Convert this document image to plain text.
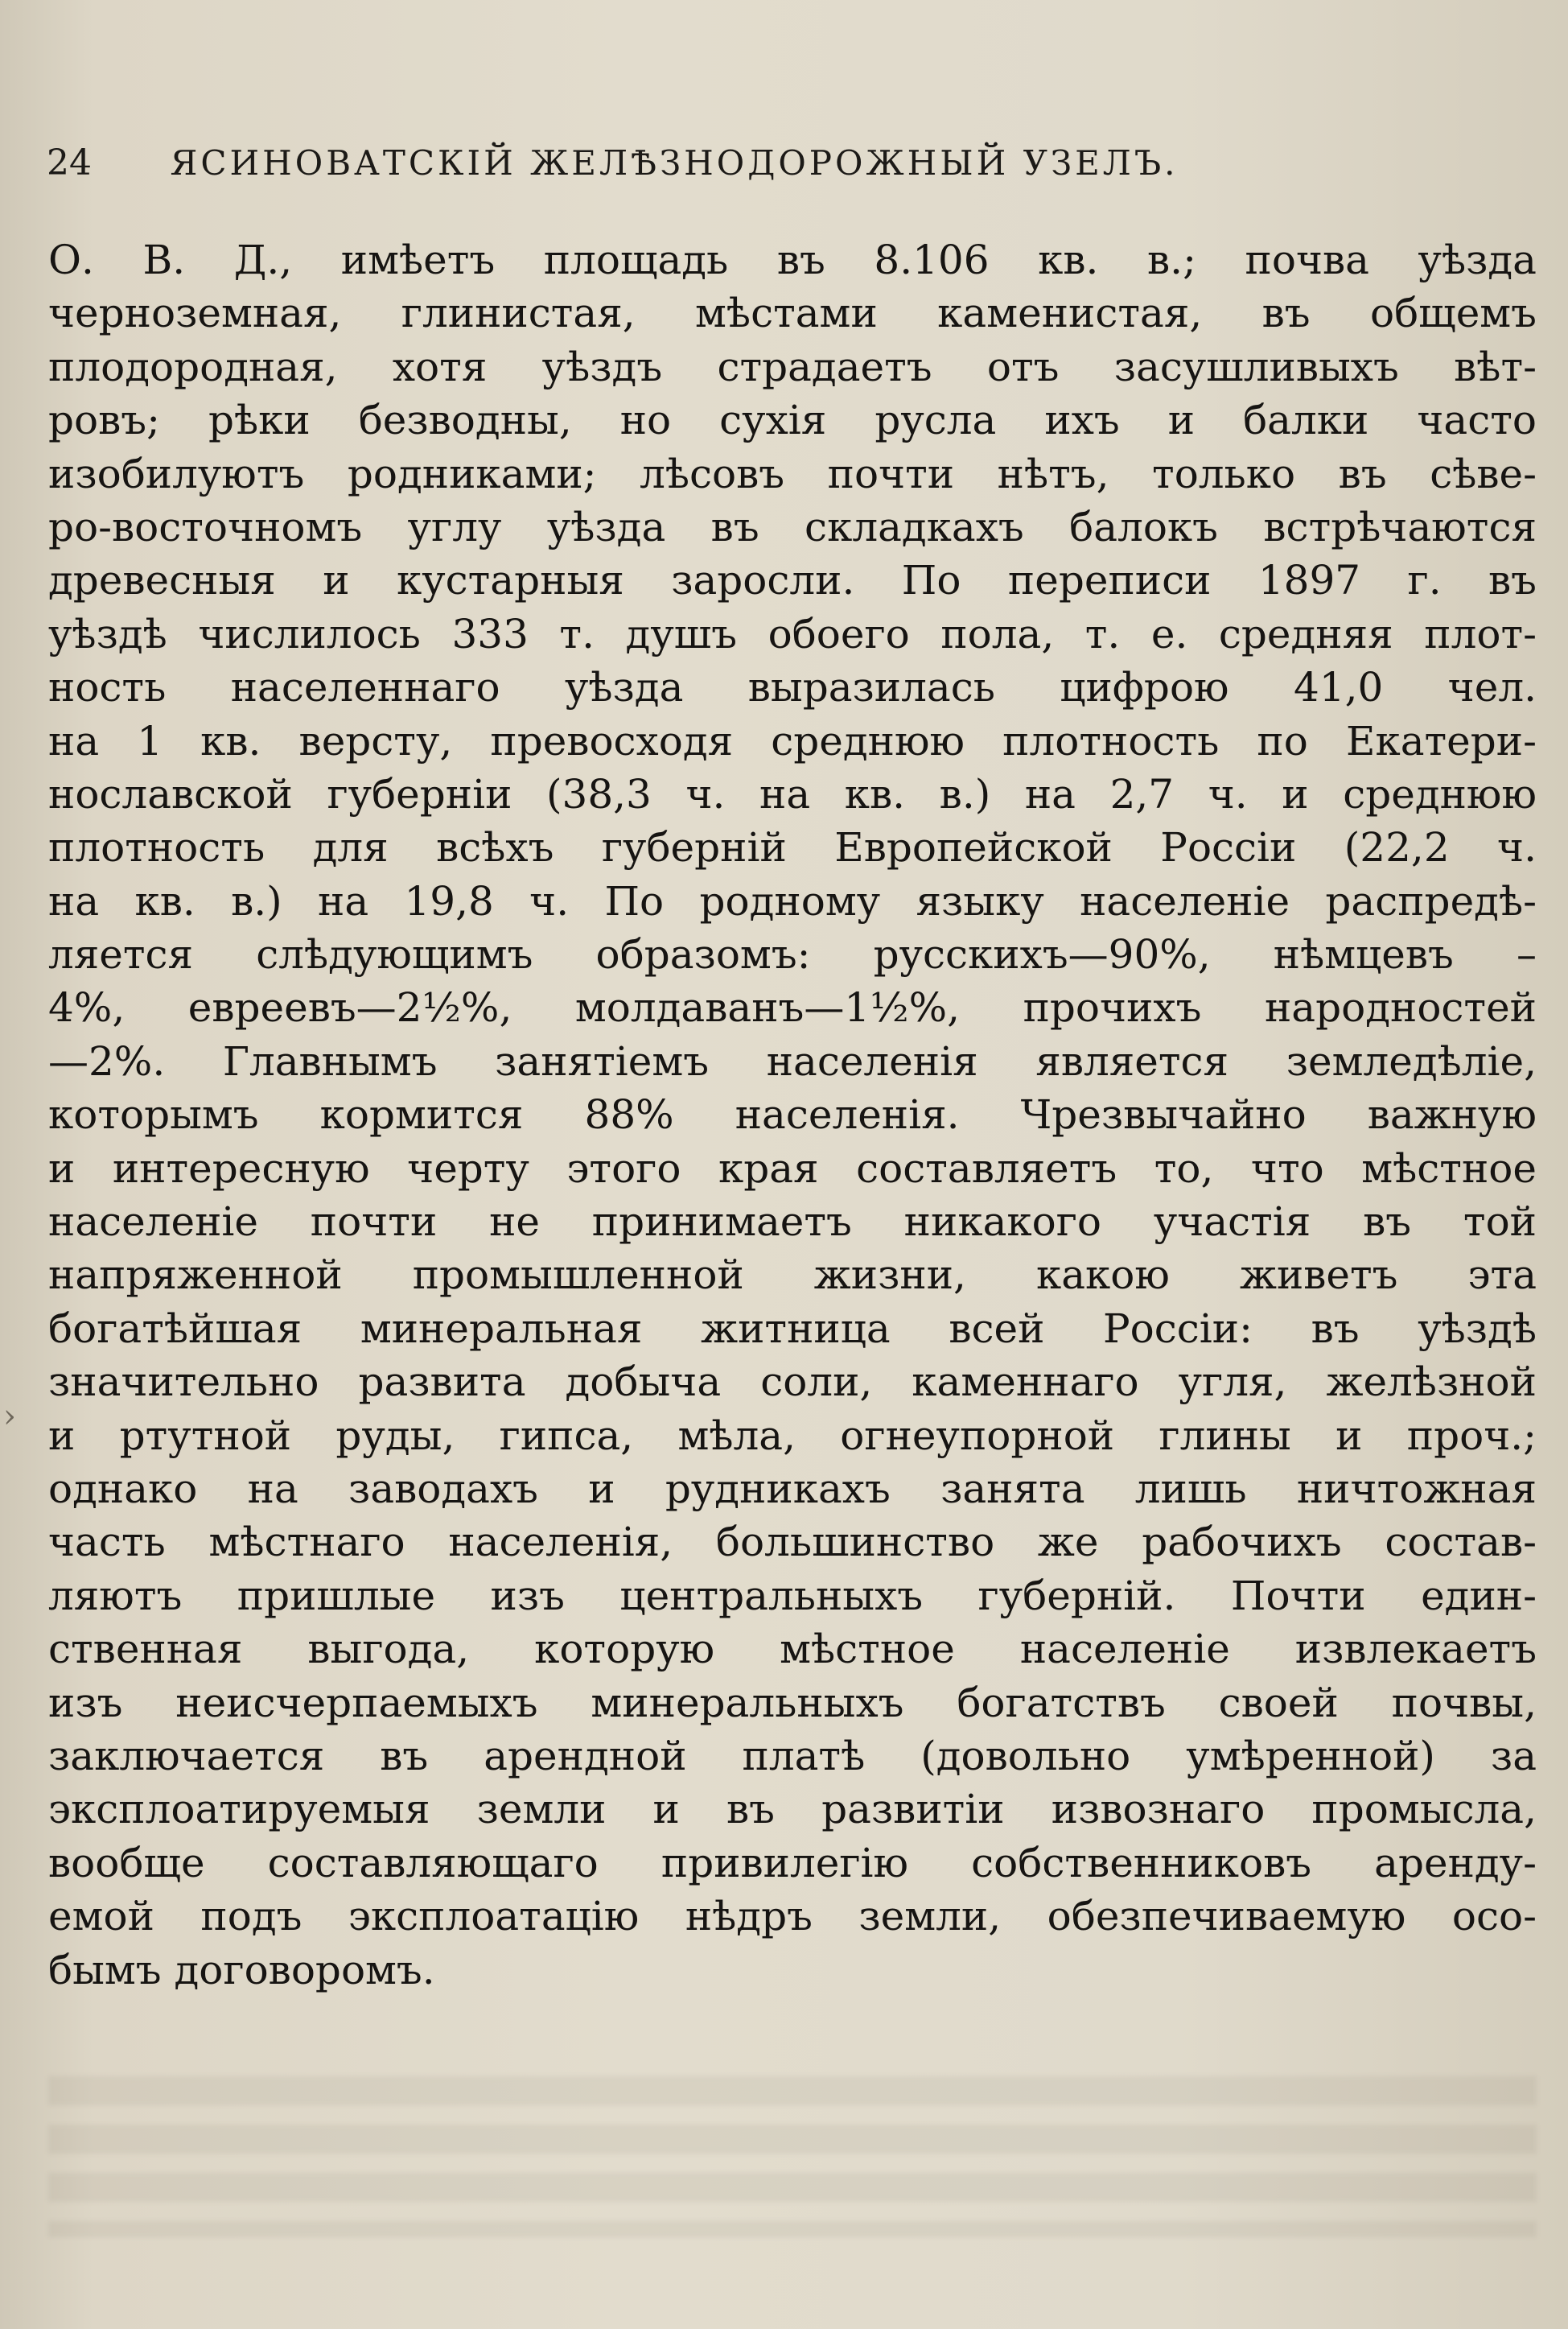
24	ЯСИНОВАТСКІЙ ЖЕЛѢЗНОДОРОЖНЫЙ УЗЕЛЪ.
О. В. Д., имѣетъ площадь въ 8.106 кв. в.; почва уѣзда
черноземная, глинистая, мѣстами каменистая, въ общемъ
плодородная, хотя уѣздъ страдаетъ отъ засушливыхъ вѣт-
ровъ; рѣки безводны, но сухія русла ихъ и балки часто
изобилуютъ родниками; лѣсовъ почти нѣтъ, только въ сѣве-
ро-восточномъ углу уѣзда въ складкахъ балокъ встрѣчаются
древесныя и кустарныя заросли. По переписи 1897 г. въ
уѣздѣ числилось 333 т. душъ обоего пола, т. е. средняя плот-
ность населеннаго уѣзда выразилась цифрою 41,0 чел.
на 1 кв. версту, превосходя среднюю плотность по Екатери-
нославской губерніи (38,3 ч. на кв. в.) на 2,7 ч. и среднюю
плотность для всѣхъ губерній Европейской Россіи (22,2 ч.
на кв. в.) на 19,8 ч. По родному языку населеніе распредѣ-
ляется слѣдующимъ образомъ: русскихъ—90%, нѣмцевъ –
4%, евреевъ—2½%, молдаванъ—1½%, прочихъ народностей
—2%. Главнымъ занятіемъ населенія является земледѣліе,
которымъ кормится 88% населенія. Чрезвычайно важную
и интересную черту этого края составляетъ то, что мѣстное
населеніе почти не принимаетъ никакого участія въ той
напряженной промышленной жизни, какою живетъ эта
богатѣйшая минеральная житница всей Россіи: въ уѣздѣ
значительно развита добыча соли, каменнаго угля, желѣзной
и ртутной руды, гипса, мѣла, огнеупорной глины и проч.;
однако на заводахъ и рудникахъ занята лишь ничтожная
часть мѣстнаго населенія, большинство же рабочихъ состав-
ляютъ пришлые изъ центральныхъ губерній. Почти един-
ственная выгода, которую мѣстное населеніе извлекаетъ
изъ неисчерпаемыхъ минеральныхъ богатствъ своей почвы,
заключается въ арендной платѣ (довольно умѣренной) за
эксплоатируемыя земли и въ развитіи извознаго промысла,
вообще составляющаго привилегію собственниковъ аренду-
емой подъ эксплоатацію нѣдръ земли, обезпечиваемую осо-
бымъ договоромъ.
›
